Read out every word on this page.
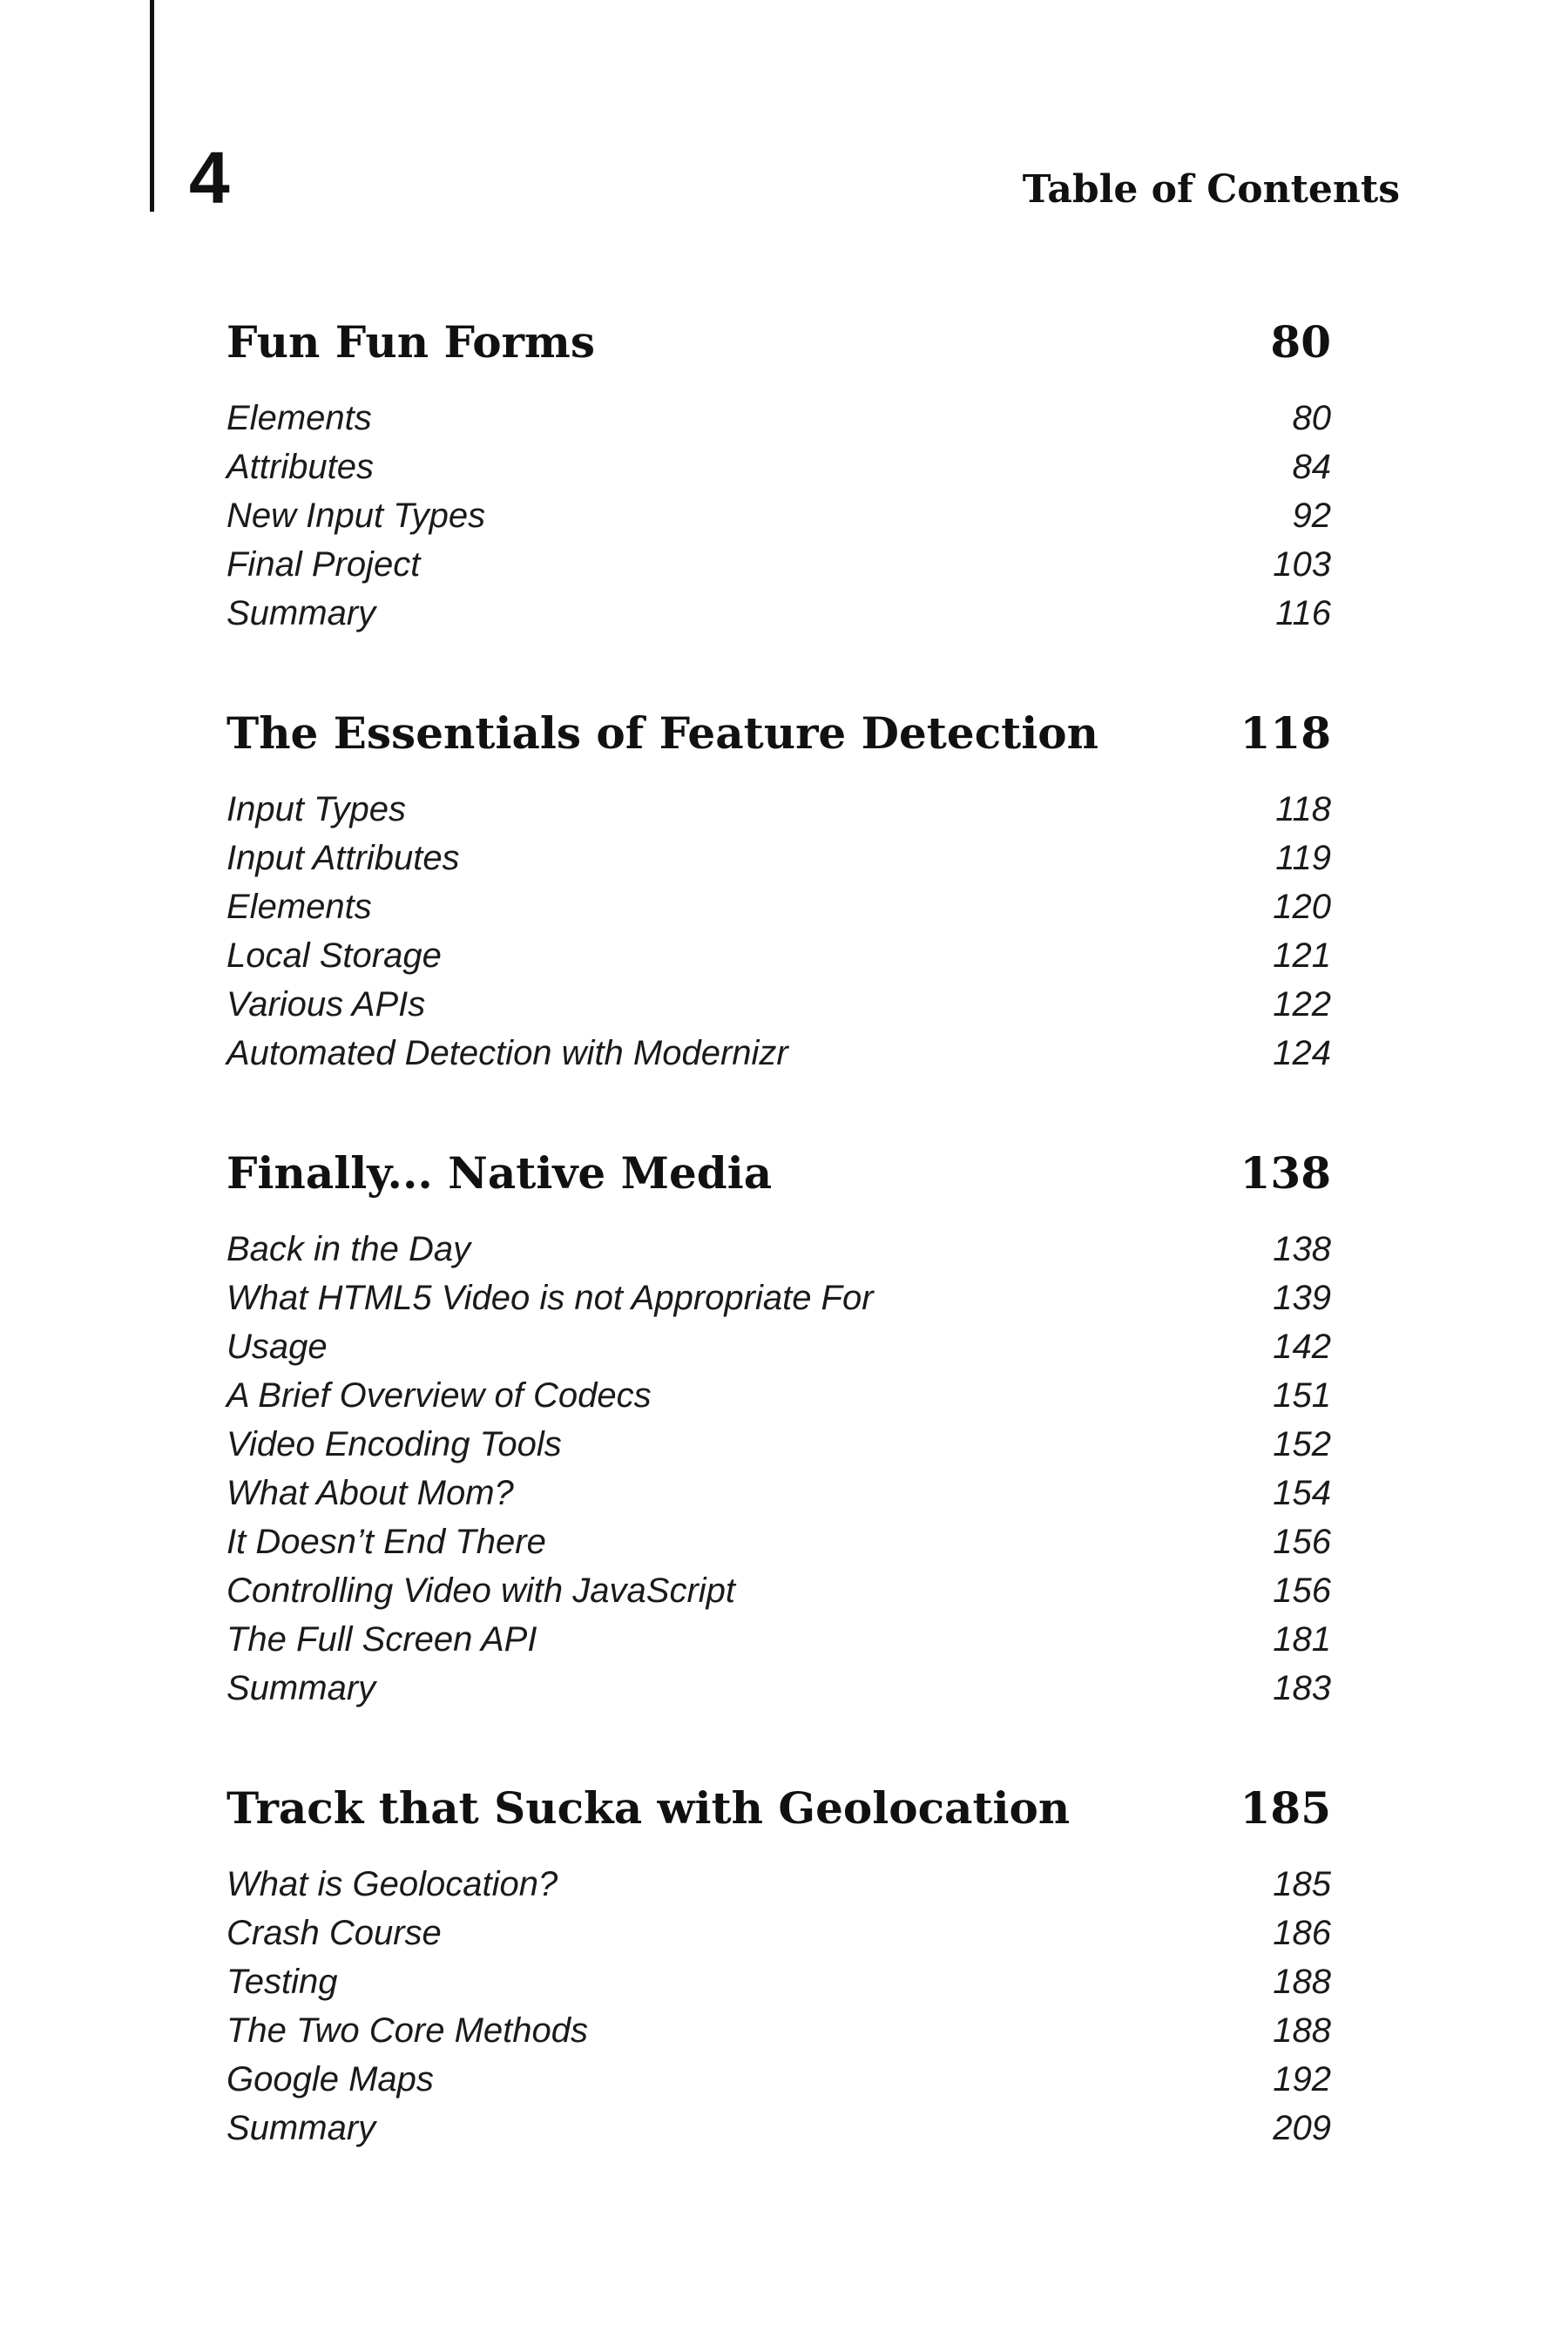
4	Table of Contents
Fun Fun Forms	80
Elements	80
Attributes	84
New Input Types	92
Final Project	103
Summary	116
The Essentials of Feature Detection	118
Input Types	118
Input Attributes	119
Elements	120
Local Storage	121
Various APIs	122
Automated Detection with Modernizr	124
Finally... Native Media	138
Back in the Day	138
What HTML5 Video is not Appropriate For	139
Usage	142
A Brief Overview of Codecs	151
Video Encoding Tools	152
What About Mom?	154
It Doesn’t End There	156
Controlling Video with JavaScript	156
The Full Screen API	181
Summary	183
Track that Sucka with Geolocation	185
What is Geolocation?	185
Crash Course	186
Testing	188
The Two Core Methods	188
Google Maps	192
Summary	209
